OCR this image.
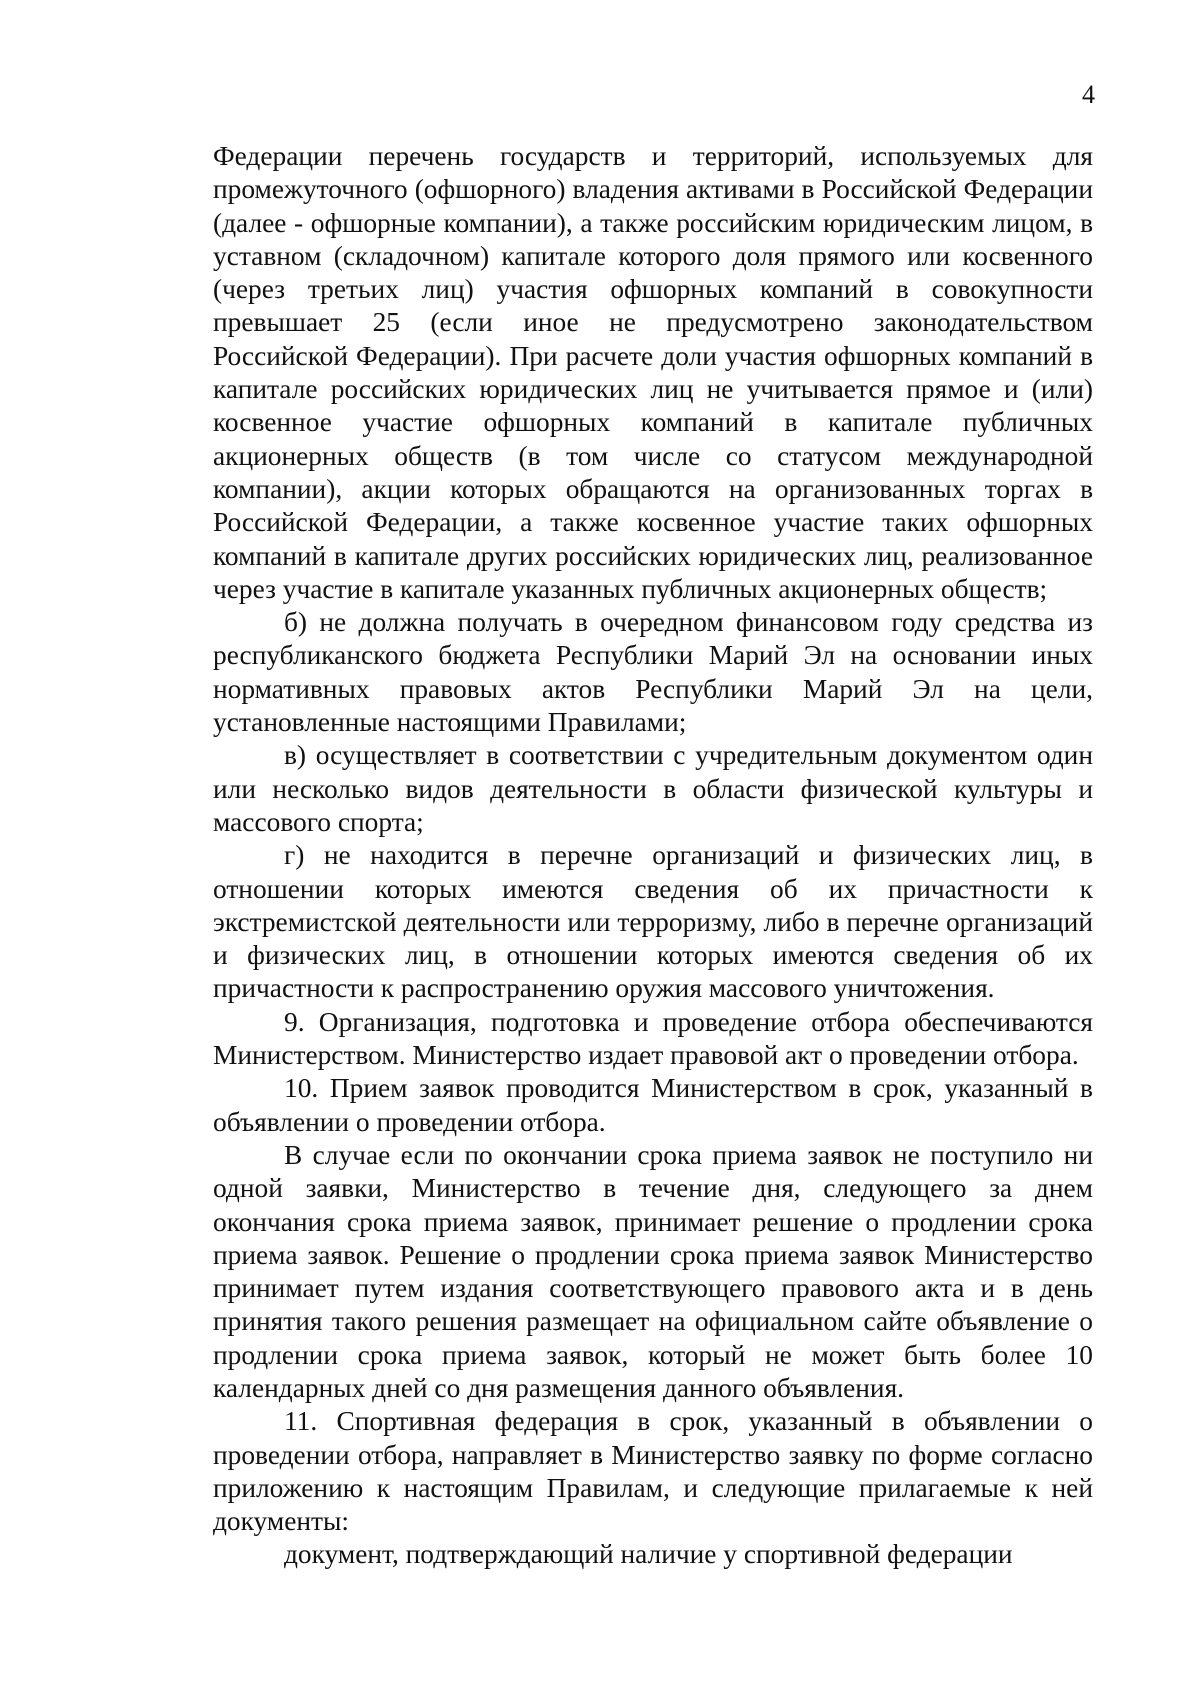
4

Федерации перечень государств и территорий, используемых для промежуточного (офшорного) владения активами в Российской Федерации (далее - офшорные компании), а также российским юридическим лицом, в уставном (складочном) капитале которого доля прямого или косвенного (через третьих лиц) участия офшорных компаний в совокупности превышает 25 (если иное не предусмотрено законодательством Российской Федерации). При расчете доли участия офшорных компаний в капитале российских юридических лиц не учитывается прямое и (или) косвенное участие офшорных компаний в капитале публичных акционерных обществ (в том числе со статусом международной компании), акции которых обращаются на организованных торгах в Российской Федерации, а также косвенное участие таких офшорных компаний в капитале других российских юридических лиц, реализованное через участие в капитале указанных публичных акционерных обществ;

б) не должна получать в очередном финансовом году средства из республиканского бюджета Республики Марий Эл на основании иных нормативных правовых актов Республики Марий Эл на цели, установленные настоящими Правилами;

в) осуществляет в соответствии с учредительным документом один или несколько видов деятельности в области физической культуры и массового спорта;

г) не находится в перечне организаций и физических лиц, в отношении которых имеются сведения об их причастности к экстремистской деятельности или терроризму, либо в перечне организаций и физических лиц, в отношении которых имеются сведения об их причастности к распространению оружия массового уничтожения.

9. Организация, подготовка и проведение отбора обеспечиваются Министерством. Министерство издает правовой акт о проведении отбора.

10. Прием заявок проводится Министерством в срок, указанный в объявлении о проведении отбора.

В случае если по окончании срока приема заявок не поступило ни одной заявки, Министерство в течение дня, следующего за днем окончания срока приема заявок, принимает решение о продлении срока приема заявок. Решение о продлении срока приема заявок Министерство принимает путем издания соответствующего правового акта и в день принятия такого решения размещает на официальном сайте объявление о продлении срока приема заявок, который не может быть более 10 календарных дней со дня размещения данного объявления.

11. Спортивная федерация в срок, указанный в объявлении о проведении отбора, направляет в Министерство заявку по форме согласно приложению к настоящим Правилам, и следующие прилагаемые к ней документы:

документ, подтверждающий наличие у спортивной федерации
